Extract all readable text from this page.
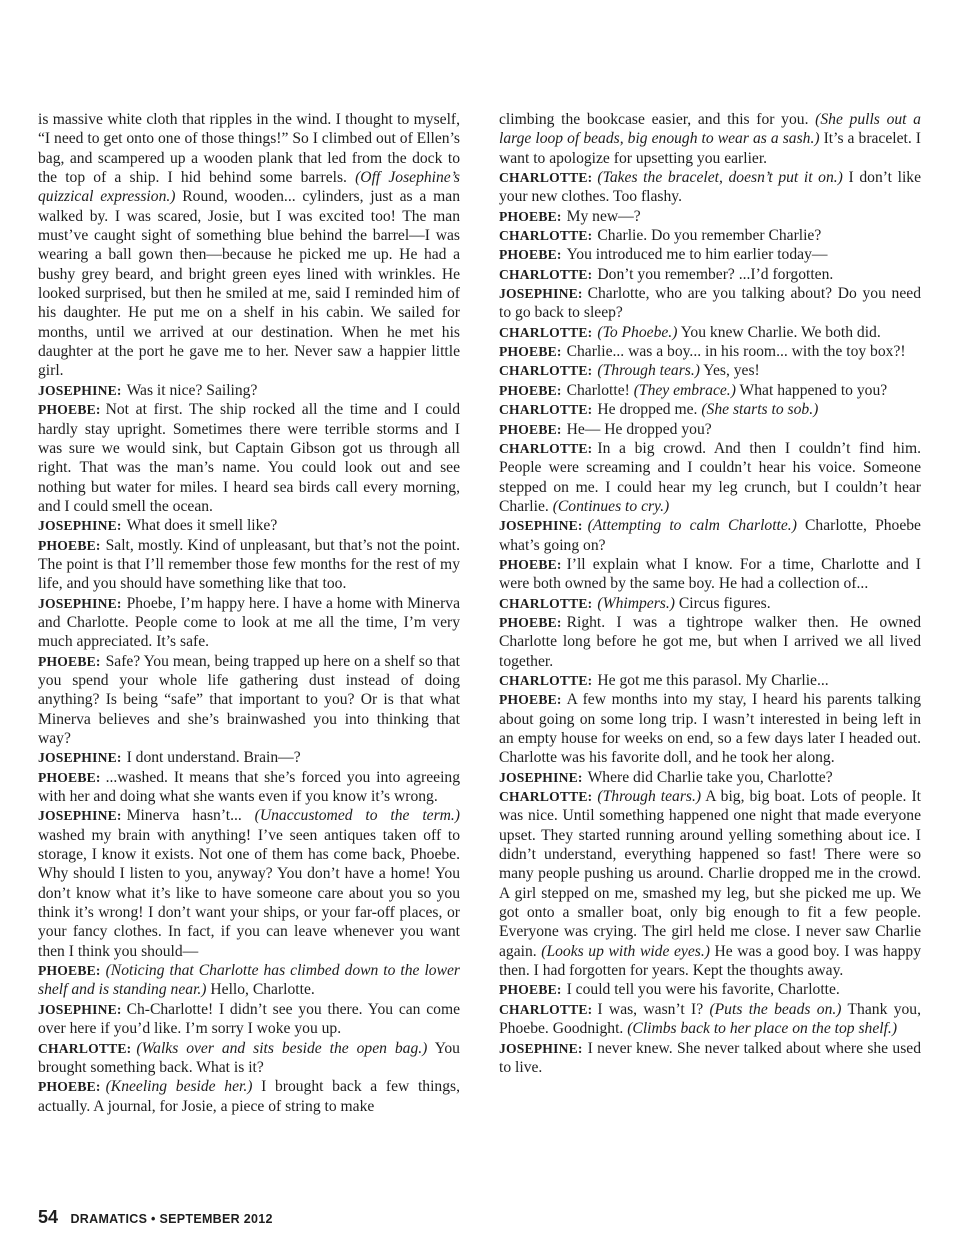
is massive white cloth that ripples in the wind. I thought to myself, “I need to get onto one of those things!” So I climbed out of Ellen’s bag, and scampered up a wooden plank that led from the dock to the top of a ship. I hid behind some barrels. (Off Josephine’s quizzical expression.) Round, wooden... cylinders, just as a man walked by. I was scared, Josie, but I was excited too! The man must’ve caught sight of something blue behind the barrel—I was wearing a ball gown then—because he picked me up. He had a bushy grey beard, and bright green eyes lined with wrinkles. He looked surprised, but then he smiled at me, said I reminded him of his daughter. He put me on a shelf in his cabin. We sailed for months, until we arrived at our destination. When he met his daughter at the port he gave me to her. Never saw a happier little girl.

JOSEPHINE: Was it nice? Sailing?

PHOEBE: Not at first. The ship rocked all the time and I could hardly stay upright. Sometimes there were terrible storms and I was sure we would sink, but Captain Gibson got us through all right. That was the man’s name. You could look out and see nothing but water for miles. I heard sea birds call every morning, and I could smell the ocean.

JOSEPHINE: What does it smell like?

PHOEBE: Salt, mostly. Kind of unpleasant, but that’s not the point. The point is that I’ll remember those few months for the rest of my life, and you should have something like that too.

JOSEPHINE: Phoebe, I’m happy here. I have a home with Minerva and Charlotte. People come to look at me all the time, I’m very much appreciated. It’s safe.

PHOEBE: Safe? You mean, being trapped up here on a shelf so that you spend your whole life gathering dust instead of doing anything? Is being “safe” that important to you? Or is that what Minerva believes and she’s brainwashed you into thinking that way?

JOSEPHINE: I dont understand. Brain—?

PHOEBE: ...washed. It means that she’s forced you into agreeing with her and doing what she wants even if you know it’s wrong.

JOSEPHINE: Minerva hasn’t... (Unaccustomed to the term.) washed my brain with anything! I’ve seen antiques taken off to storage, I know it exists. Not one of them has come back, Phoebe. Why should I listen to you, anyway? You don’t have a home! You don’t know what it’s like to have someone care about you so you think it’s wrong! I don’t want your ships, or your far-off places, or your fancy clothes. In fact, if you can leave whenever you want then I think you should—

PHOEBE: (Noticing that Charlotte has climbed down to the lower shelf and is standing near.) Hello, Charlotte.

JOSEPHINE: Ch-Charlotte! I didn’t see you there. You can come over here if you’d like. I’m sorry I woke you up.

CHARLOTTE: (Walks over and sits beside the open bag.) You brought something back. What is it?

PHOEBE: (Kneeling beside her.) I brought back a few things, actually. A journal, for Josie, a piece of string to make

climbing the bookcase easier, and this for you. (She pulls out a large loop of beads, big enough to wear as a sash.) It’s a bracelet. I want to apologize for upsetting you earlier.

CHARLOTTE: (Takes the bracelet, doesn’t put it on.) I don’t like your new clothes. Too flashy.

PHOEBE: My new—?

CHARLOTTE: Charlie. Do you remember Charlie?

PHOEBE: You introduced me to him earlier today—

CHARLOTTE: Don’t you remember? ...I’d forgotten.

JOSEPHINE: Charlotte, who are you talking about? Do you need to go back to sleep?

CHARLOTTE: (To Phoebe.) You knew Charlie. We both did.

PHOEBE: Charlie... was a boy... in his room... with the toy box?!

CHARLOTTE: (Through tears.) Yes, yes!

PHOEBE: Charlotte! (They embrace.) What happened to you?

CHARLOTTE: He dropped me. (She starts to sob.)

PHOEBE: He— He dropped you?

CHARLOTTE: In a big crowd. And then I couldn’t find him. People were screaming and I couldn’t hear his voice. Someone stepped on me. I could hear my leg crunch, but I couldn’t hear Charlie. (Continues to cry.)

JOSEPHINE: (Attempting to calm Charlotte.) Charlotte, Phoebe what’s going on?

PHOEBE: I’ll explain what I know. For a time, Charlotte and I were both owned by the same boy. He had a collection of...

CHARLOTTE: (Whimpers.) Circus figures.

PHOEBE: Right. I was a tightrope walker then. He owned Charlotte long before he got me, but when I arrived we all lived together.

CHARLOTTE: He got me this parasol. My Charlie...

PHOEBE: A few months into my stay, I heard his parents talking about going on some long trip. I wasn’t interested in being left in an empty house for weeks on end, so a few days later I headed out. Charlotte was his favorite doll, and he took her along.

JOSEPHINE: Where did Charlie take you, Charlotte?

CHARLOTTE: (Through tears.) A big, big boat. Lots of people. It was nice. Until something happened one night that made everyone upset. They started running around yelling something about ice. I didn’t understand, everything happened so fast! There were so many people pushing us around. Charlie dropped me in the crowd. A girl stepped on me, smashed my leg, but she picked me up. We got onto a smaller boat, only big enough to fit a few people. Everyone was crying. The girl held me close. I never saw Charlie again. (Looks up with wide eyes.) He was a good boy. I was happy then. I had forgotten for years. Kept the thoughts away.

PHOEBE: I could tell you were his favorite, Charlotte.

CHARLOTTE: I was, wasn’t I? (Puts the beads on.) Thank you, Phoebe. Goodnight. (Climbs back to her place on the top shelf.)

JOSEPHINE: I never knew. She never talked about where she used to live.

54 DRAMATICS • SEPTEMBER 2012
